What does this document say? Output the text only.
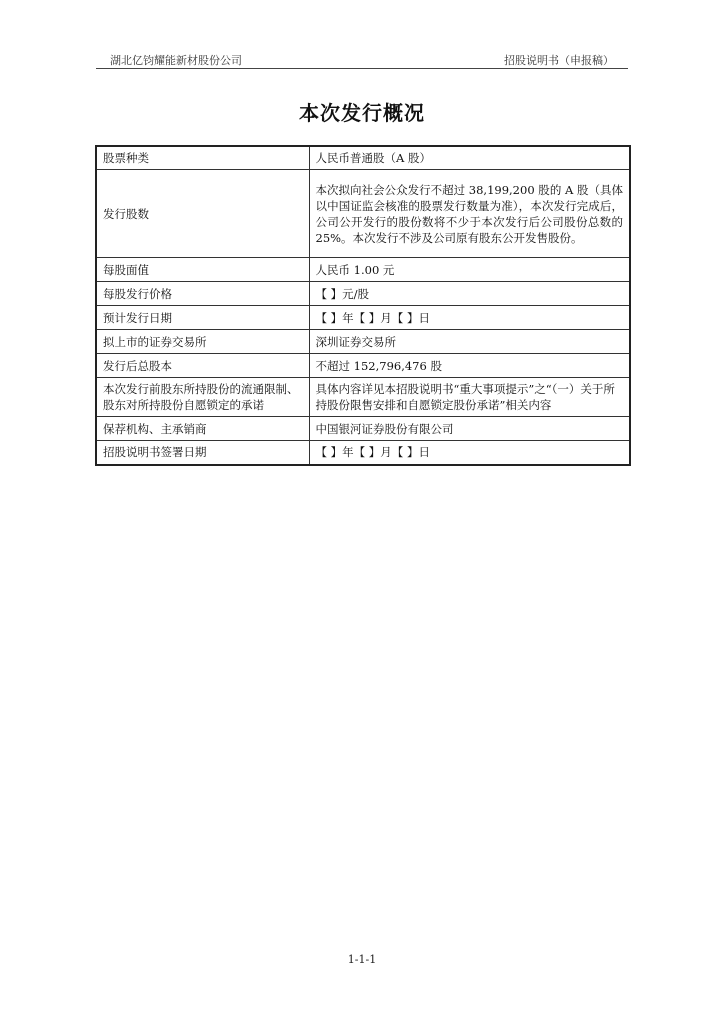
湖北亿钧耀能新材股份公司	招股说明书（申报稿）
本次发行概况
股票种类	人民币普通股（A 股）
发行股数	本次拟向社会公众发行不超过 38,199,200 股的 A 股（具体以中国证监会核准的股票发行数量为准），本次发行完成后， 公司公开发行的股份数将不少于本次发行后公司股份总数的 25%。本次发行不涉及公司原有股东公开发售股份。
每股面值	人民币 1.00 元
每股发行价格	【 】元/股
预计发行日期	【 】年【 】月【 】日
拟上市的证券交易所	深圳证券交易所
发行后总股本	不超过 152,796,476 股
本次发行前股东所持股份的流通限制、股东对所持股份自愿锁定的承诺	具体内容详见本招股说明书“重大事项提示”之“（一）关于所持股份限售安排和自愿锁定股份承诺”相关内容
保荐机构、主承销商	中国银河证券股份有限公司
招股说明书签署日期	【 】年【 】月【 】日
1-1-1
